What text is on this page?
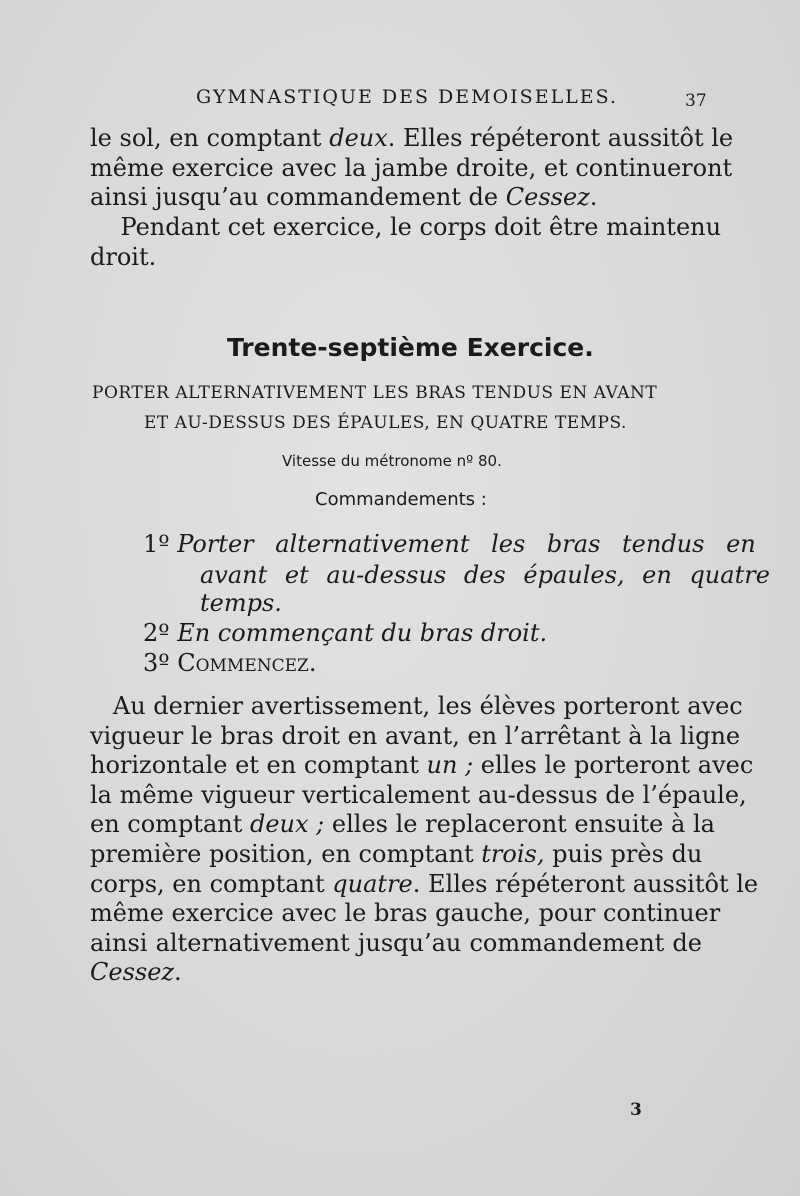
GYMNASTIQUE DES DEMOISELLES.	37
le sol, en comptant deux. Elles répéteront aussitôt le
même exercice avec la jambe droite, et continueront
ainsi jusqu’au commandement de Cessez.
Pendant cet exercice, le corps doit être maintenu
droit.
Trente-septième Exercice.
PORTER ALTERNATIVEMENT LES BRAS TENDUS EN AVANT
ET AU-DESSUS DES ÉPAULES, EN QUATRE TEMPS.
Vitesse du métronome nº 80.
Commandements :
1º Porter alternativement les bras tendus en
avant et au-dessus des épaules, en quatre
temps.
2º En commençant du bras droit.
3º Commencez.
Au dernier avertissement, les élèves porteront avec
vigueur le bras droit en avant, en l’arrêtant à la ligne
horizontale et en comptant un ; elles le porteront avec
la même vigueur verticalement au-dessus de l’épaule,
en comptant deux ; elles le replaceront ensuite à la
première position, en comptant trois, puis près du
corps, en comptant quatre. Elles répéteront aussitôt le
même exercice avec le bras gauche, pour continuer
ainsi alternativement jusqu’au commandement de
Cessez.
3
